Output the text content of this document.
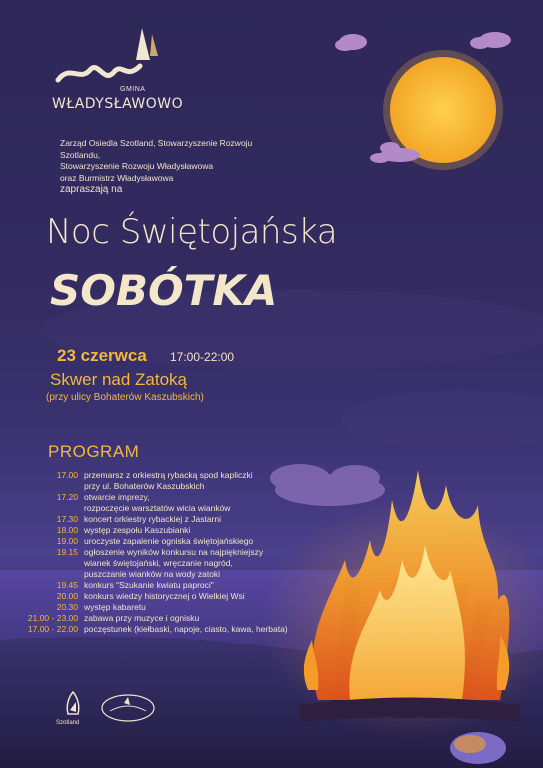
GMINA
WŁADYSŁAWOWO
Zarząd Osiedla Szotland, Stowarzyszenie Rozwoju Szotlandu,
Stowarzyszenie Rozwoju Władysławowa
oraz Burmistrz Władysławowa
zapraszają na
Noc Świętojańska
SOBÓTKA
23 czerwca 17:00-22:00
Skwer nad Zatoką
(przy ulicy Bohaterów Kaszubskich)
PROGRAM
17.00 przemarsz z orkiestrą rybacką spod kapliczki
przy ul. Bohaterów Kaszubskich
17.20 otwarcie imprezy,
rozpoczęcie warsztatów wicia wianków
17.30 koncert orkiestry rybackiej z Jastarni
18.00 występ zespołu Kaszubianki
19.00 uroczyste zapalenie ogniska świętojańskiego
19.15 ogłoszenie wyników konkursu na najpiękniejszy
wianek świętojański, wręczanie nagród,
puszczanie wianków na wody zatoki
19.45 konkurs "Szukanie kwiatu paproci"
20.00 konkurs wiedzy historycznej o Wielkiej Wsi
20.30 występ kabaretu
21.00 - 23.00 zabawa przy muzyce i ognisku
17.00 - 22.00 poczęstunek (kiełbaski, napoje, ciasto, kawa, herbata)
Szotland
